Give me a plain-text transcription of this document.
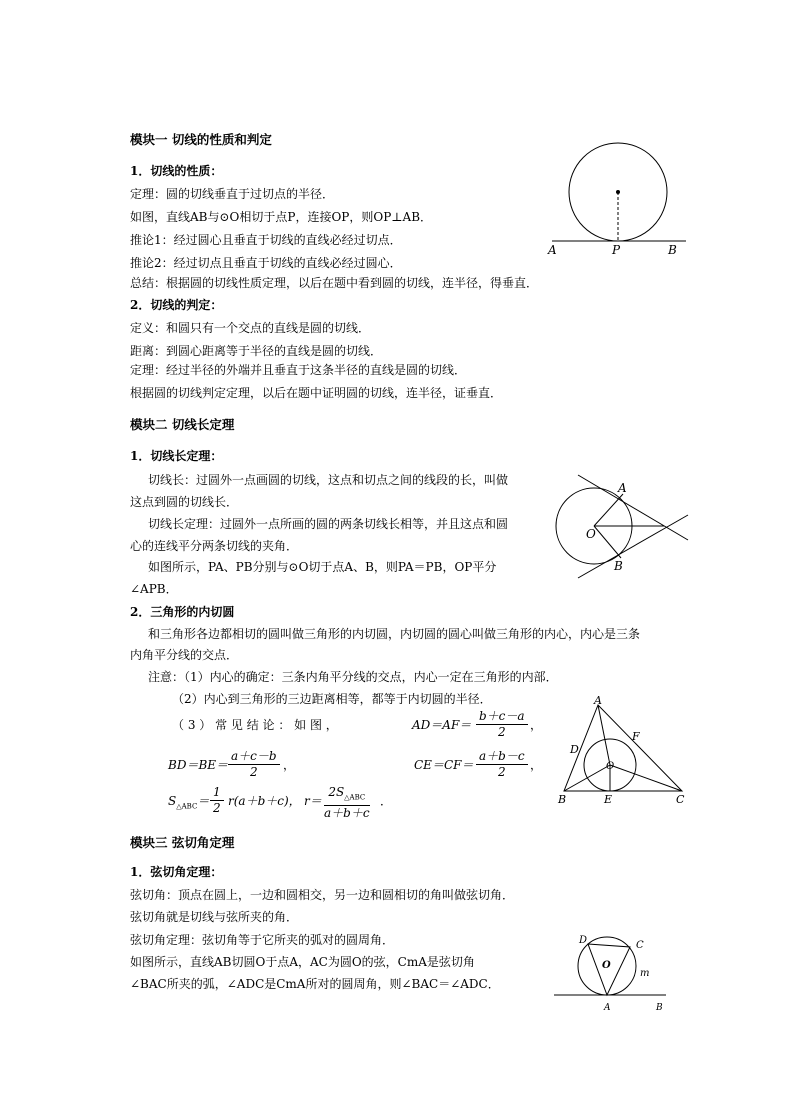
模块一 切线的性质和判定
1．切线的性质：
定理：圆的切线垂直于过切点的半径．
如图，直线AB与⊙O相切于点P，连接OP，则OP⊥AB．
推论1：经过圆心且垂直于切线的直线必经过切点．
推论2：经过切点且垂直于切线的直线必经过圆心．
总结：根据圆的切线性质定理，以后在题中看到圆的切线，连半径，得垂直．
2．切线的判定：
定义：和圆只有一个交点的直线是圆的切线．
距离：到圆心距离等于半径的直线是圆的切线．
定理：经过半径的外端并且垂直于这条半径的直线是圆的切线．
根据圆的切线判定定理，以后在题中证明圆的切线，连半径，证垂直．
A	P	B
模块二 切线长定理
1．切线长定理：
切线长：过圆外一点画圆的切线，这点和切点之间的线段的长，叫做
这点到圆的切线长．
切线长定理：过圆外一点所画的圆的两条切线长相等，并且这点和圆
心的连线平分两条切线的夹角．
如图所示，PA、PB分别与⊙O切于点A、B，则PA＝PB，OP平分
∠APB．
A
O
B
2．三角形的内切圆
和三角形各边都相切的圆叫做三角形的内切圆，内切圆的圆心叫做三角形的内心，内心是三条
内角平分线的交点．
注意：（1）内心的确定：三条内角平分线的交点，内心一定在三角形的内部．
（2）内心到三角形的三边距离相等，都等于内切圆的半径．
（ 3 ） 常 见 结 论 ： 如 图 ，	$AD=AF= \frac{b+c-a}{2}$ ，
$BD=BE= \frac{a+c-b}{2}$ ，	$CE=CF= \frac{a+b-c}{2}$ ，
$S_{\triangle ABC}= \frac{1}{2} r(a+b+c)$， r＝
$2S_{\triangle ABC}$
a＋b＋c
．
A
D
F
O
B	E	C
模块三 弦切角定理
1．弦切角定理：
弦切角：顶点在圆上，一边和圆相交，另一边和圆相切的角叫做弦切角．
弦切角就是切线与弦所夹的角．
弦切角定理：弦切角等于它所夹的弧对的圆周角．
如图所示，直线AB切圆O于点A，AC为圆O的弦，CmA是弦切角
∠BAC所夹的弧，∠ADC是CmA所对的圆周角，则∠BAC＝∠ADC．
D	C
O
m
A	B
